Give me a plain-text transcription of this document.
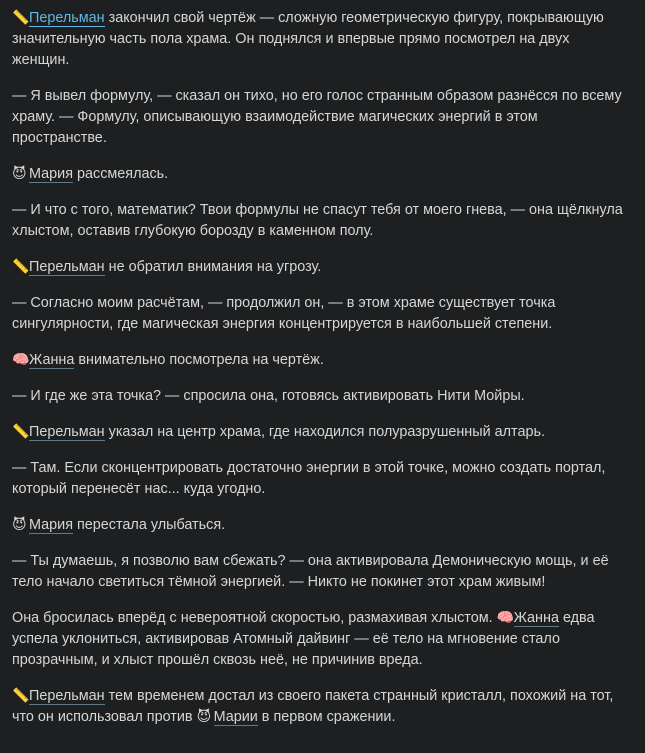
📏Перельман закончил свой чертёж — сложную геометрическую фигуру, покрывающую значительную часть пола храма. Он поднялся и впервые прямо посмотрел на двух женщин.

— Я вывел формулу, — сказал он тихо, но его голос странным образом разнёсся по всему храму. — Формулу, описывающую взаимодействие магических энергий в этом пространстве.

😈 Мария рассмеялась.

— И что с того, математик? Твои формулы не спасут тебя от моего гнева, — она щёлкнула хлыстом, оставив глубокую борозду в каменном полу.

📏Перельман не обратил внимания на угрозу.

— Согласно моим расчётам, — продолжил он, — в этом храме существует точка сингулярности, где магическая энергия концентрируется в наибольшей степени.

🧠Жанна внимательно посмотрела на чертёж.

— И где же эта точка? — спросила она, готовясь активировать Нити Мойры.

📏Перельман указал на центр храма, где находился полуразрушенный алтарь.

— Там. Если сконцентрировать достаточно энергии в этой точке, можно создать портал, который перенесёт нас... куда угодно.

😈 Мария перестала улыбаться.

— Ты думаешь, я позволю вам сбежать? — она активировала Демоническую мощь, и её тело начало светиться тёмной энергией. — Никто не покинет этот храм живым!

Она бросилась вперёд с невероятной скоростью, размахивая хлыстом. 🧠Жанна едва успела уклониться, активировав Атомный дайвинг — её тело на мгновение стало прозрачным, и хлыст прошёл сквозь неё, не причинив вреда.

📏Перельман тем временем достал из своего пакета странный кристалл, похожий на тот, что он использовал против 😈 Марии в первом сражении.
